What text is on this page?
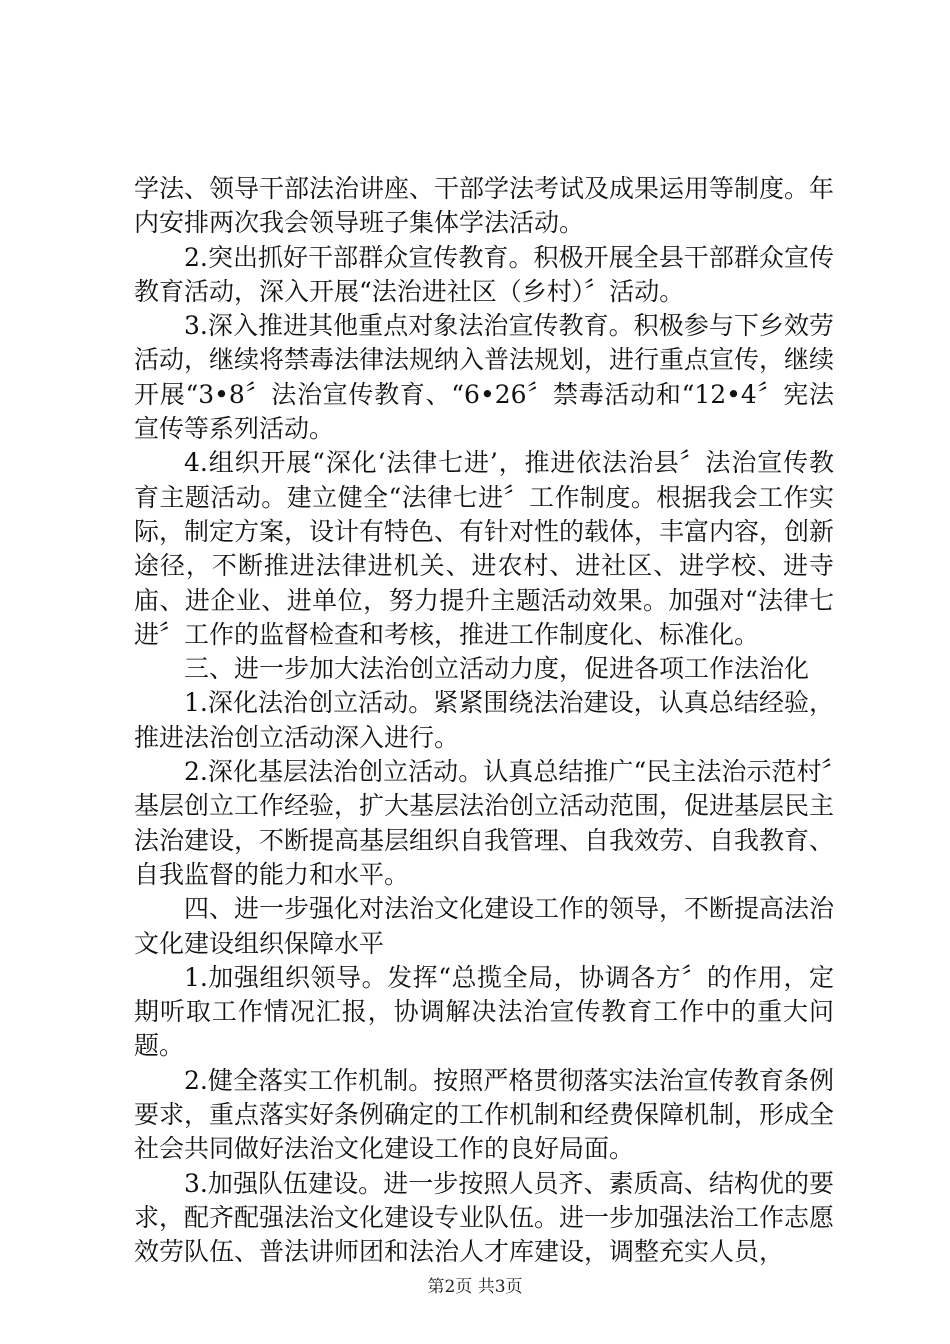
学法、领导干部法治讲座、干部学法考试及成果运用等制度。年内安排两次我会领导班子集体学法活动。

2.突出抓好干部群众宣传教育。积极开展全县干部群众宣传教育活动，深入开展“法治进社区（乡村）〞活动。

3.深入推进其他重点对象法治宣传教育。积极参与下乡效劳活动，继续将禁毒法律法规纳入普法规划，进行重点宣传，继续开展“3•8〞法治宣传教育、“6•26〞禁毒活动和“12•4〞宪法宣传等系列活动。

4.组织开展“深化‘法律七进’，推进依法治县〞法治宣传教育主题活动。建立健全“法律七进〞工作制度。根据我会工作实际，制定方案，设计有特色、有针对性的载体，丰富内容，创新途径，不断推进法律进机关、进农村、进社区、进学校、进寺庙、进企业、进单位，努力提升主题活动效果。加强对“法律七进〞工作的监督检查和考核，推进工作制度化、标准化。

三、进一步加大法治创立活动力度，促进各项工作法治化

1.深化法治创立活动。紧紧围绕法治建设，认真总结经验，推进法治创立活动深入进行。

2.深化基层法治创立活动。认真总结推广“民主法治示范村〞基层创立工作经验，扩大基层法治创立活动范围，促进基层民主法治建设，不断提高基层组织自我管理、自我效劳、自我教育、自我监督的能力和水平。

四、进一步强化对法治文化建设工作的领导，不断提高法治文化建设组织保障水平

1.加强组织领导。发挥“总揽全局，协调各方〞的作用，定期听取工作情况汇报，协调解决法治宣传教育工作中的重大问题。

2.健全落实工作机制。按照严格贯彻落实法治宣传教育条例要求，重点落实好条例确定的工作机制和经费保障机制，形成全社会共同做好法治文化建设工作的良好局面。

3.加强队伍建设。进一步按照人员齐、素质高、结构优的要求，配齐配强法治文化建设专业队伍。进一步加强法治工作志愿效劳队伍、普法讲师团和法治人才库建设，调整充实人员，

第2页 共3页
